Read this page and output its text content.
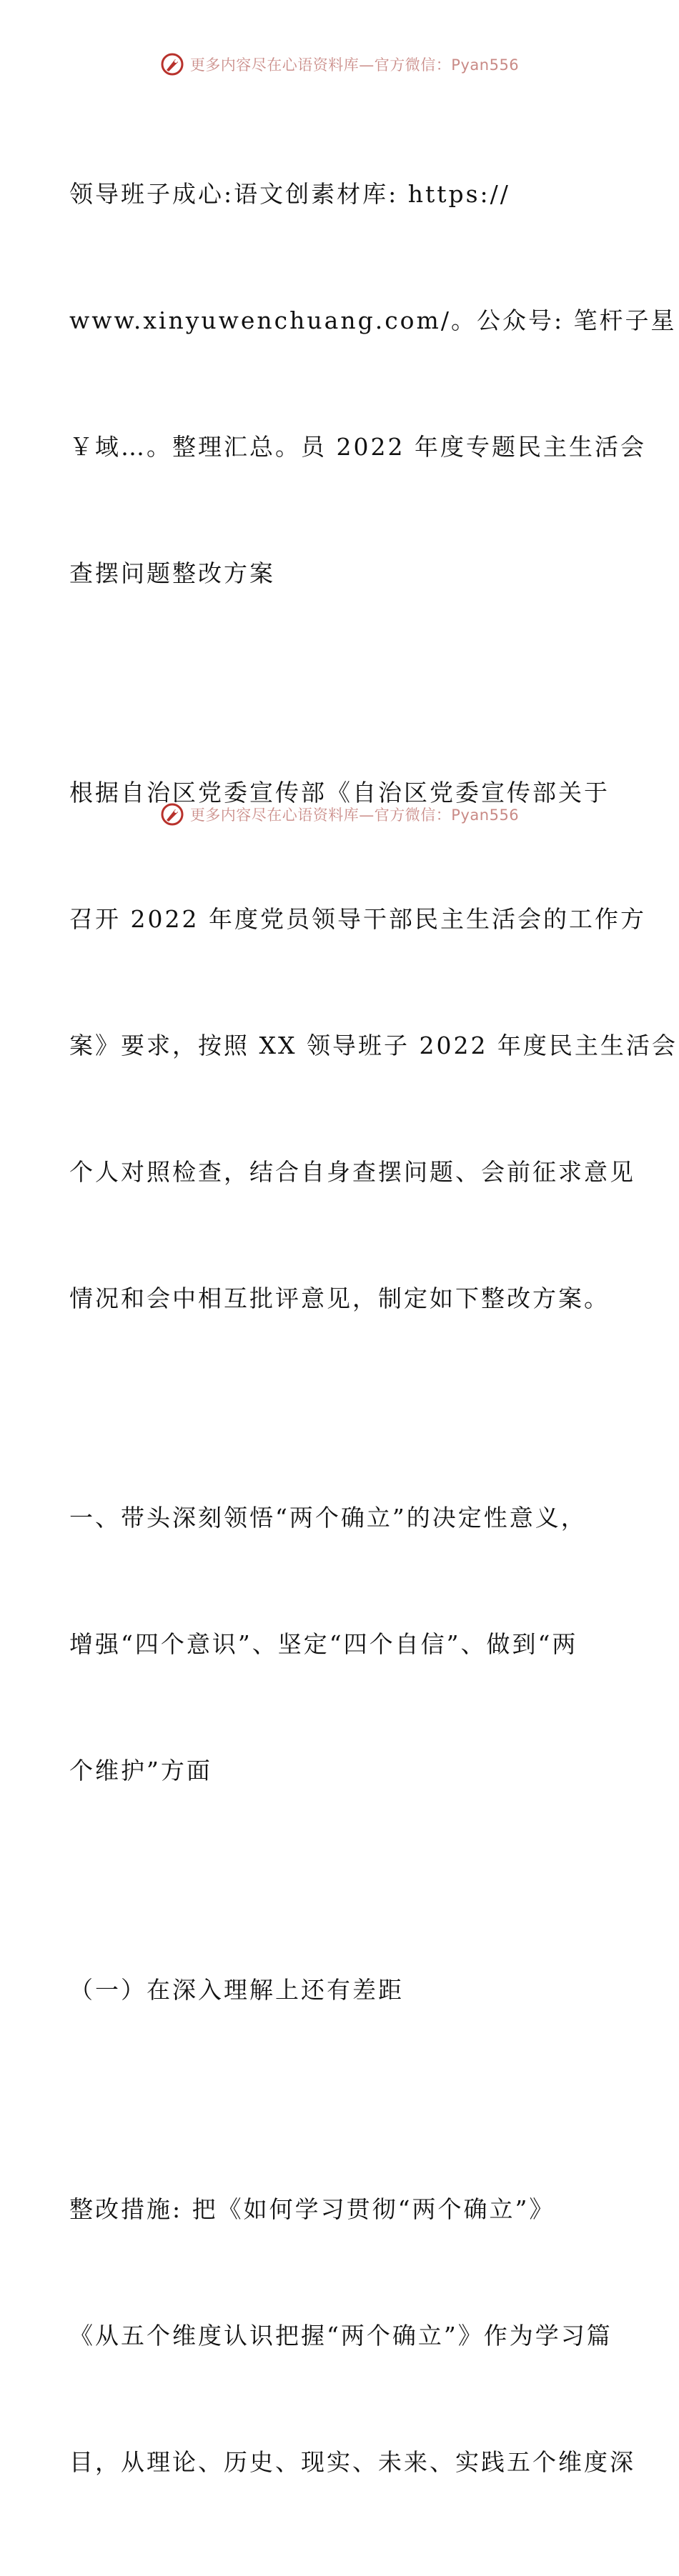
更多内容尽在心语资料库—官方微信：Pyan556

领导班子成心:语文创素材库: https://

www.xinyuwenchuang.com/。公众号: 笔杆子星

￥域…。整理汇总。员 2022 年度专题民主生活会

查摆问题整改方案

根据自治区党委宣传部《自治区党委宣传部关于

召开 2022 年度党员领导干部民主生活会的工作方

案》要求，按照 XX 领导班子 2022 年度民主生活会

个人对照检查，结合自身查摆问题、会前征求意见

情况和会中相互批评意见，制定如下整改方案。

一、带头深刻领悟“两个确立”的决定性意义，

增强“四个意识”、坚定“四个自信”、做到“两

个维护”方面

（一）在深入理解上还有差距

整改措施: 把《如何学习贯彻“两个确立”》

《从五个维度认识把握“两个确立”》作为学习篇

目，从理论、历史、现实、未来、实践五个维度深

更多内容尽在心语资料库—官方微信：Pyan556
